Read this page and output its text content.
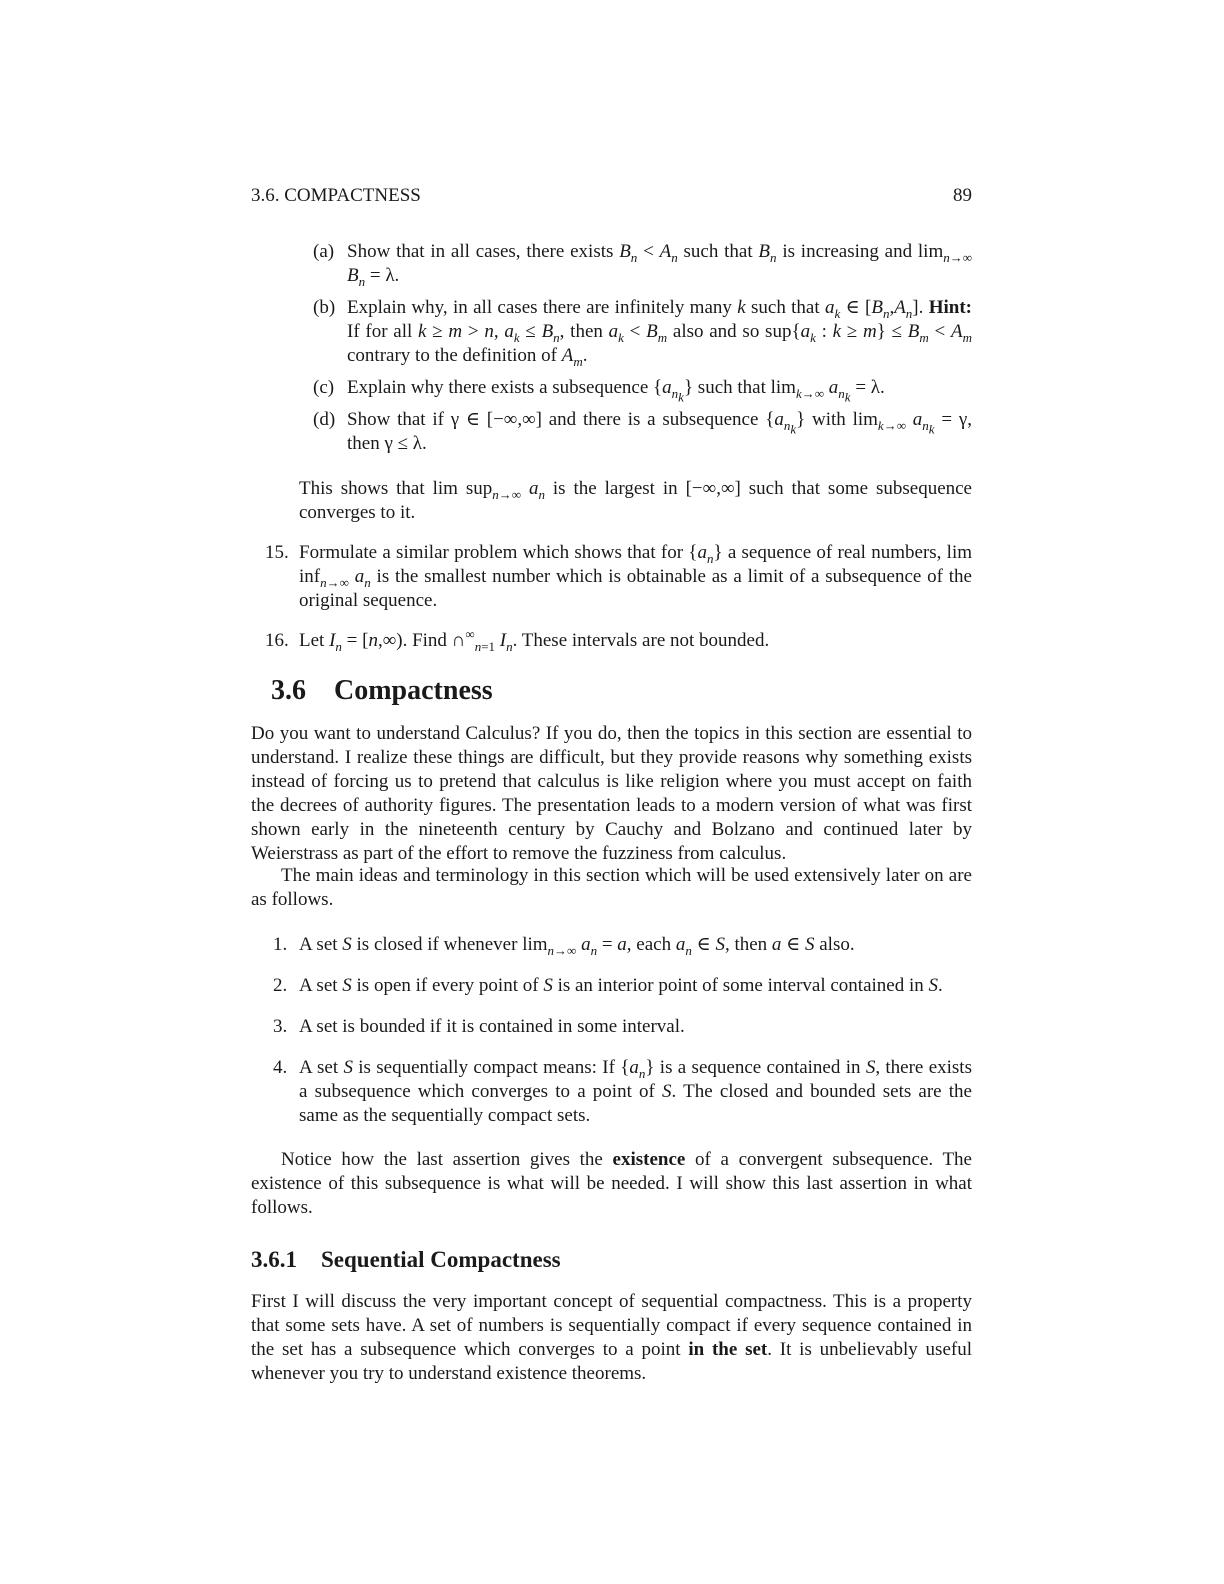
3.6. COMPACTNESS	89
(a) Show that in all cases, there exists $B_n < A_n$ such that $B_n$ is increasing and $\lim_{n\to\infty} B_n = \lambda$.
(b) Explain why, in all cases there are infinitely many k such that $a_k$ ∈ $[B_n,A_n]$. Hint: If for all k ≥ m > n, $a_k \le B_n$, then $a_k < B_m$ also and so $sup\{a_k$ : $k \ge m\} \le B_m < A_m$ contrary to the definition of $A_m$.
(c) Explain why there exists a subsequence $\{a_{n_k}\}$ such that $\lim_{k\to\infty} a_{n_k} = \lambda$.
(d) Show that if γ ∈ [−∞,∞] and there is a subsequence $\{a_{n_k}\}$ with $\lim_{k\to\infty} a_{n_k} = \gamma$, then γ ≤ λ.
This shows that lim sup$_{n\to\infty}$ $a_n$ is the largest in [−∞,∞] such that some subsequence converges to it.
15. Formulate a similar problem which shows that for $\{a_n\}$ a sequence of real numbers, lim inf$_{n\to\infty}$ $a_n$ is the smallest number which is obtainable as a limit of a subsequence of the original sequence.
16. Let $I_n = [n,\infty)$. Find $\cap^\infty_{n=1}$ $I_n$. These intervals are not bounded.
3.6 Compactness
Do you want to understand Calculus? If you do, then the topics in this section are essential to understand. I realize these things are difficult, but they provide reasons why something exists instead of forcing us to pretend that calculus is like religion where you must accept on faith the decrees of authority figures. The presentation leads to a modern version of what was first shown early in the nineteenth century by Cauchy and Bolzano and continued later by Weierstrass as part of the effort to remove the fuzziness from calculus.
The main ideas and terminology in this section which will be used extensively later on are as follows.
1. A set S is closed if whenever $\lim_{n\to\infty} a_n = a$, each $a_n$ ∈ S, then a ∈ S also.
2. A set S is open if every point of S is an interior point of some interval contained in S.
3. A set is bounded if it is contained in some interval.
4. A set S is sequentially compact means: If $\{a_n\}$ is a sequence contained in S, there exists a subsequence which converges to a point of S. The closed and bounded sets are the same as the sequentially compact sets.
Notice how the last assertion gives the existence of a convergent subsequence. The existence of this subsequence is what will be needed. I will show this last assertion in what follows.
3.6.1 Sequential Compactness
First I will discuss the very important concept of sequential compactness. This is a property that some sets have. A set of numbers is sequentially compact if every sequence contained in the set has a subsequence which converges to a point in the set. It is unbelievably useful whenever you try to understand existence theorems.
